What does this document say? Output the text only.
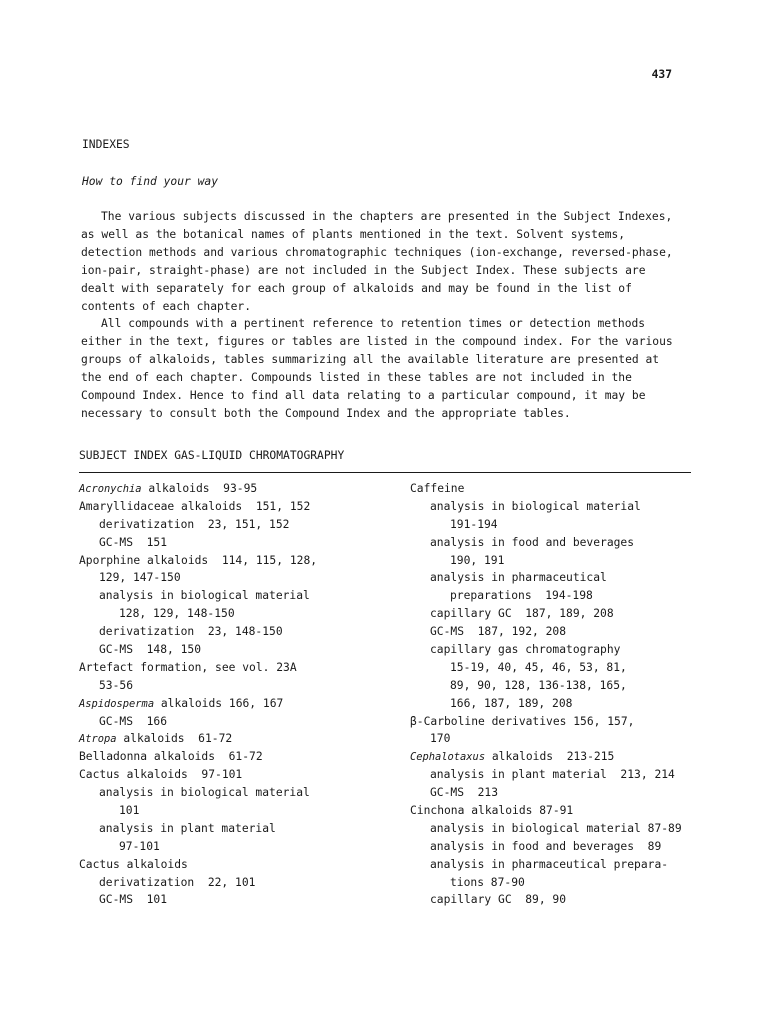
437
INDEXES
How to find your way

The various subjects discussed in the chapters are presented in the Subject Indexes, as well as the botanical names of plants mentioned in the text. Solvent systems, detection methods and various chromatographic techniques (ion-exchange, reversed-phase, ion-pair, straight-phase) are not included in the Subject Index. These subjects are dealt with separately for each group of alkaloids and may be found in the list of contents of each chapter.

All compounds with a pertinent reference to retention times or detection methods either in the text, figures or tables are listed in the compound index. For the various groups of alkaloids, tables summarizing all the available literature are presented at the end of each chapter. Compounds listed in these tables are not included in the Compound Index. Hence to find all data relating to a particular compound, it may be necessary to consult both the Compound Index and the appropriate tables.

SUBJECT INDEX GAS-LIQUID CHROMATOGRAPHY
Acronychia alkaloids  93-95
Amaryllidaceae alkaloids  151, 152
derivatization  23, 151, 152
GC-MS  151
Aporphine alkaloids  114, 115, 128,
129, 147-150
analysis in biological material
128, 129, 148-150
derivatization  23, 148-150
GC-MS  148, 150
Artefact formation, see vol. 23A
53-56
Aspidosperma alkaloids 166, 167
GC-MS  166
Atropa alkaloids  61-72
Belladonna alkaloids  61-72
Cactus alkaloids  97-101
analysis in biological material
101
analysis in plant material
97-101
Cactus alkaloids
derivatization  22, 101
GC-MS  101
Caffeine
analysis in biological material
191-194
analysis in food and beverages
190, 191
analysis in pharmaceutical
preparations  194-198
capillary GC  187, 189, 208
GC-MS  187, 192, 208
capillary gas chromatography
15-19, 40, 45, 46, 53, 81,
89, 90, 128, 136-138, 165,
166, 187, 189, 208
β-Carboline derivatives 156, 157,
170
Cephalotaxus alkaloids  213-215
analysis in plant material  213, 214
GC-MS  213
Cinchona alkaloids 87-91
analysis in biological material 87-89
analysis in food and beverages  89
analysis in pharmaceutical prepara-
tions 87-90
capillary GC  89, 90
